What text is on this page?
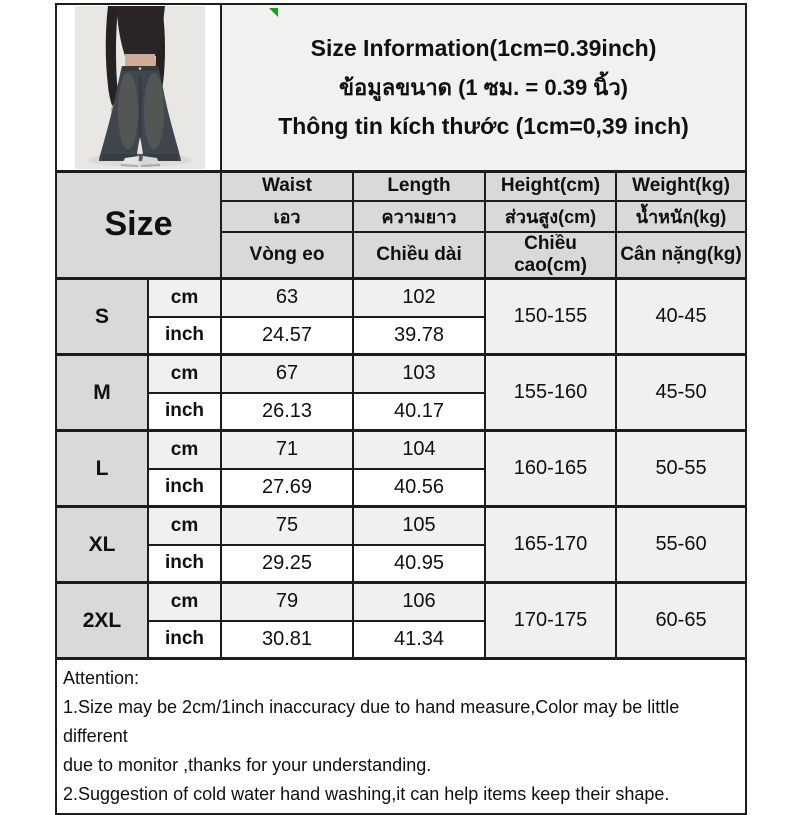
Size Information(1cm=0.39inch)
ข้อมูลขนาด (1 ซม. = 0.39 นิ้ว)
Thông tin kích thước (1cm=0,39 inch)			

Size		Waist	Length	Height(cm)	Weight(kg)
		เอว	ความยาว	ส่วนสูง(cm)	น้ำหนัก(kg)
		Vòng eo	Chiều dài	Chiều cao(cm)	Cân nặng(kg)
S	cm	63	102	150-155	40-45
	inch	24.57	39.78		
M	cm	67	103	155-160	45-50
	inch	26.13	40.17		
L	cm	71	104	160-165	50-55
	inch	27.69	40.56		
XL	cm	75	105	165-170	55-60
	inch	29.25	40.95		
2XL	cm	79	106	170-175	60-65
	inch	30.81	41.34		

Attention:
1.Size may be 2cm/1inch inaccuracy due to hand measure,Color may be little different
due to monitor ,thanks for your understanding.
2.Suggestion of cold water hand washing,it can help items keep their shape.					
